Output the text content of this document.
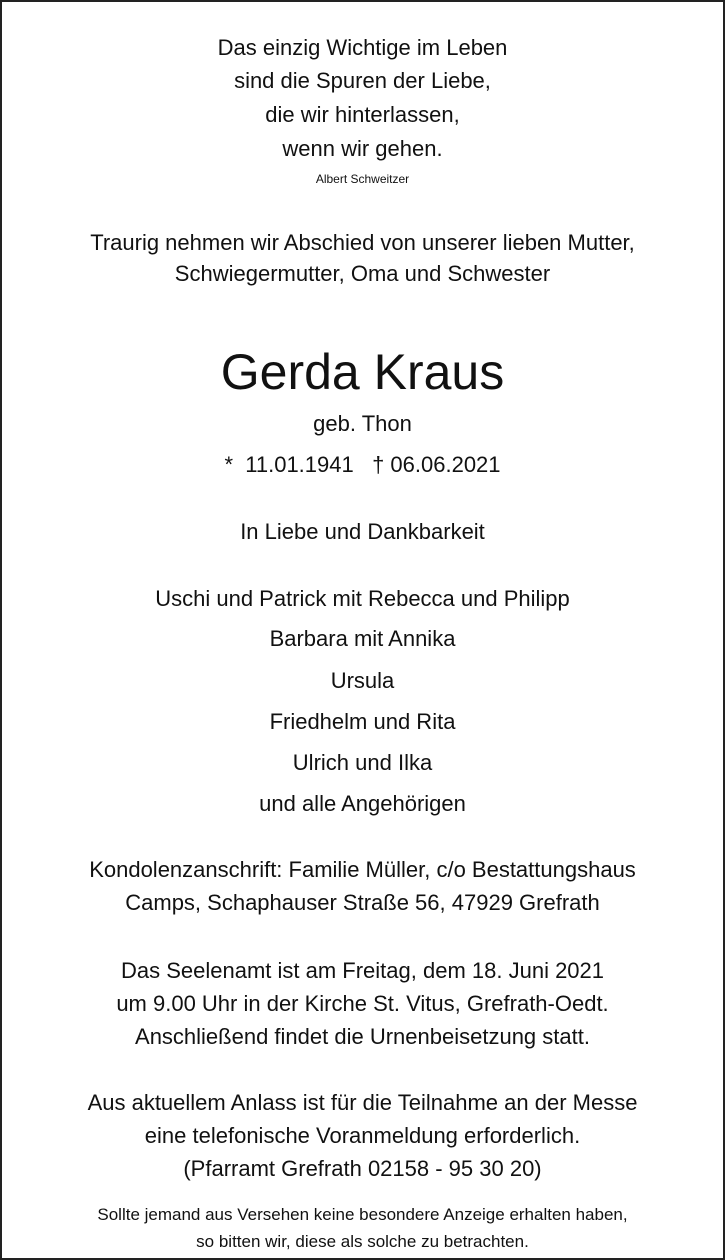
Das einzig Wichtige im Leben
sind die Spuren der Liebe,
die wir hinterlassen,
wenn wir gehen.
Albert Schweitzer
Traurig nehmen wir Abschied von unserer lieben Mutter,
Schwiegermutter, Oma und Schwester
Gerda Kraus
geb. Thon
*  11.01.1941   † 06.06.2021
In Liebe und Dankbarkeit
Uschi und Patrick mit Rebecca und Philipp
Barbara mit Annika
Ursula
Friedhelm und Rita
Ulrich und Ilka
und alle Angehörigen
Kondolenzanschrift: Familie Müller, c/o Bestattungshaus
Camps, Schaphauser Straße 56, 47929 Grefrath
Das Seelenamt ist am Freitag, dem 18. Juni 2021
um 9.00 Uhr in der Kirche St. Vitus, Grefrath-Oedt.
Anschließend findet die Urnenbeisetzung statt.
Aus aktuellem Anlass ist für die Teilnahme an der Messe
eine telefonische Voranmeldung erforderlich.
(Pfarramt Grefrath 02158 - 95 30 20)
Sollte jemand aus Versehen keine besondere Anzeige erhalten haben,
so bitten wir, diese als solche zu betrachten.
